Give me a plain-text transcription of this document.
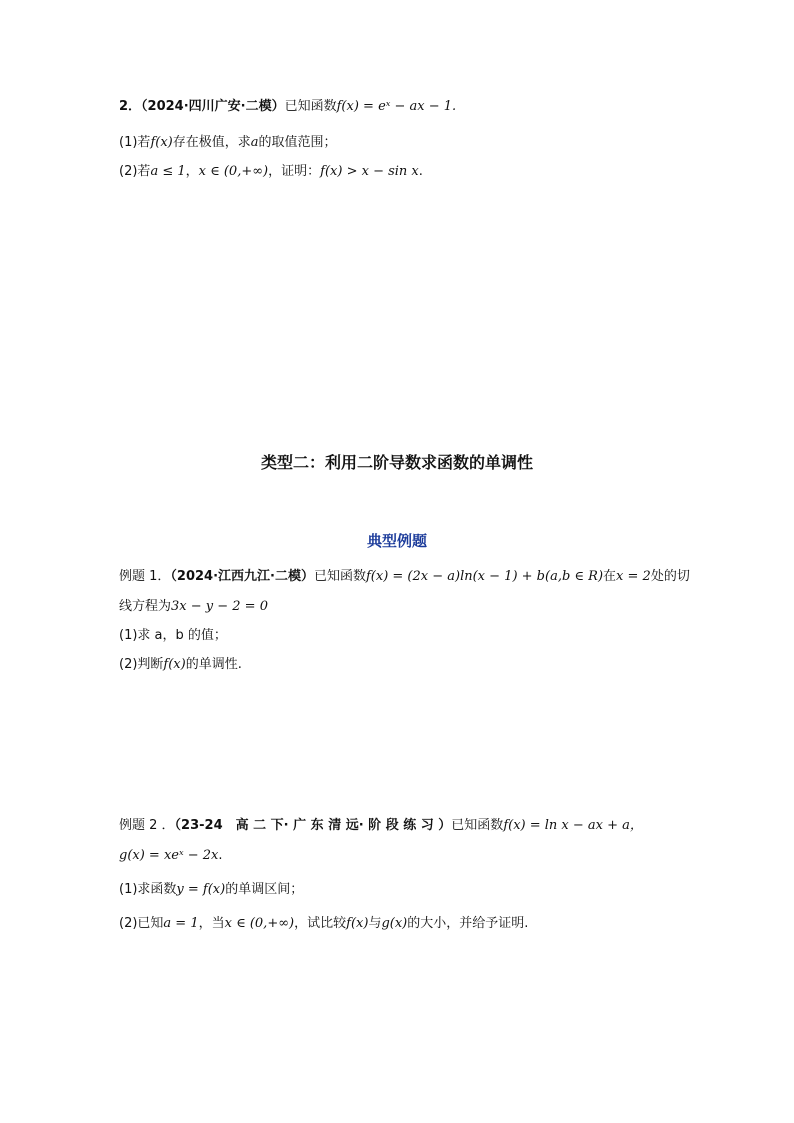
2．（2024·四川广安·二模）已知函数f(x) = eˣ − ax − 1.
(1)若f(x)存在极值，求a的取值范围；
(2)若a ≤ 1，x ∈ (0,+∞)，证明：f(x) > x − sin x.
类型二：利用二阶导数求函数的单调性
典型例题
例题 1．（2024·江西九江·二模）已知函数f(x) = (2x − a)ln(x − 1) + b(a,b ∈ R)在x = 2处的切
线方程为3x − y − 2 = 0
(1)求 a，b 的值；
(2)判断f(x)的单调性.
例题 2 ．（23-24　高 二 下· 广 东 清 远· 阶 段 练 习 ）已知函数f(x) = ln x − ax + a，
g(x) = xeˣ − 2x.
(1)求函数y = f(x)的单调区间；
(2)已知a = 1，当x ∈ (0,+∞)，试比较f(x)与g(x)的大小，并给予证明.
